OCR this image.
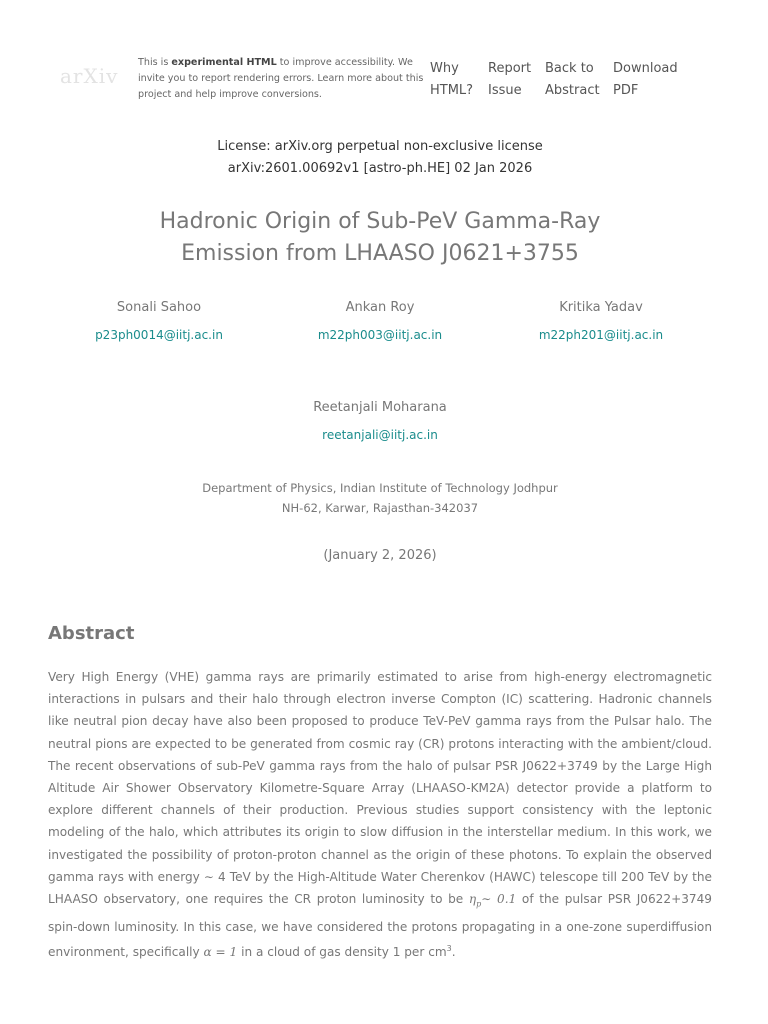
arXiv
This is experimental HTML to improve accessibility. We invite you to report rendering errors. Learn more about this project and help improve conversions.
Why
HTML?
Report
Issue
Back to
Abstract
Download
PDF
License: arXiv.org perpetual non-exclusive license
arXiv:2601.00692v1 [astro-ph.HE] 02 Jan 2026
Hadronic Origin of Sub-PeV Gamma-Ray Emission from LHAASO J0621+3755
Sonali Sahoo
p23ph0014@iitj.ac.in
Ankan Roy
m22ph003@iitj.ac.in
Kritika Yadav
m22ph201@iitj.ac.in
Reetanjali Moharana
reetanjali@iitj.ac.in
Department of Physics, Indian Institute of Technology Jodhpur
NH-62, Karwar, Rajasthan-342037
(January 2, 2026)
Abstract
Very High Energy (VHE) gamma rays are primarily estimated to arise from high-energy electromagnetic interactions in pulsars and their halo through electron inverse Compton (IC) scattering. Hadronic channels like neutral pion decay have also been proposed to produce TeV-PeV gamma rays from the Pulsar halo. The neutral pions are expected to be generated from cosmic ray (CR) protons interacting with the ambient/cloud. The recent observations of sub-PeV gamma rays from the halo of pulsar PSR J0622+3749 by the Large High Altitude Air Shower Observatory Kilometre-Square Array (LHAASO-KM2A) detector provide a platform to explore different channels of their production. Previous studies support consistency with the leptonic modeling of the halo, which attributes its origin to slow diffusion in the interstellar medium. In this work, we investigated the possibility of proton-proton channel as the origin of these photons. To explain the observed gamma rays with energy ∼ 4 TeV by the High-Altitude Water Cherenkov (HAWC) telescope till 200 TeV by the LHAASO observatory, one requires the CR proton luminosity to be $\eta_p\sim$ 0.1 of the pulsar PSR J0622+3749 spin-down luminosity. In this case, we have considered the protons propagating in a one-zone superdiffusion environment, specifically α = 1 in a cloud of gas density 1 per $cm^3$.
